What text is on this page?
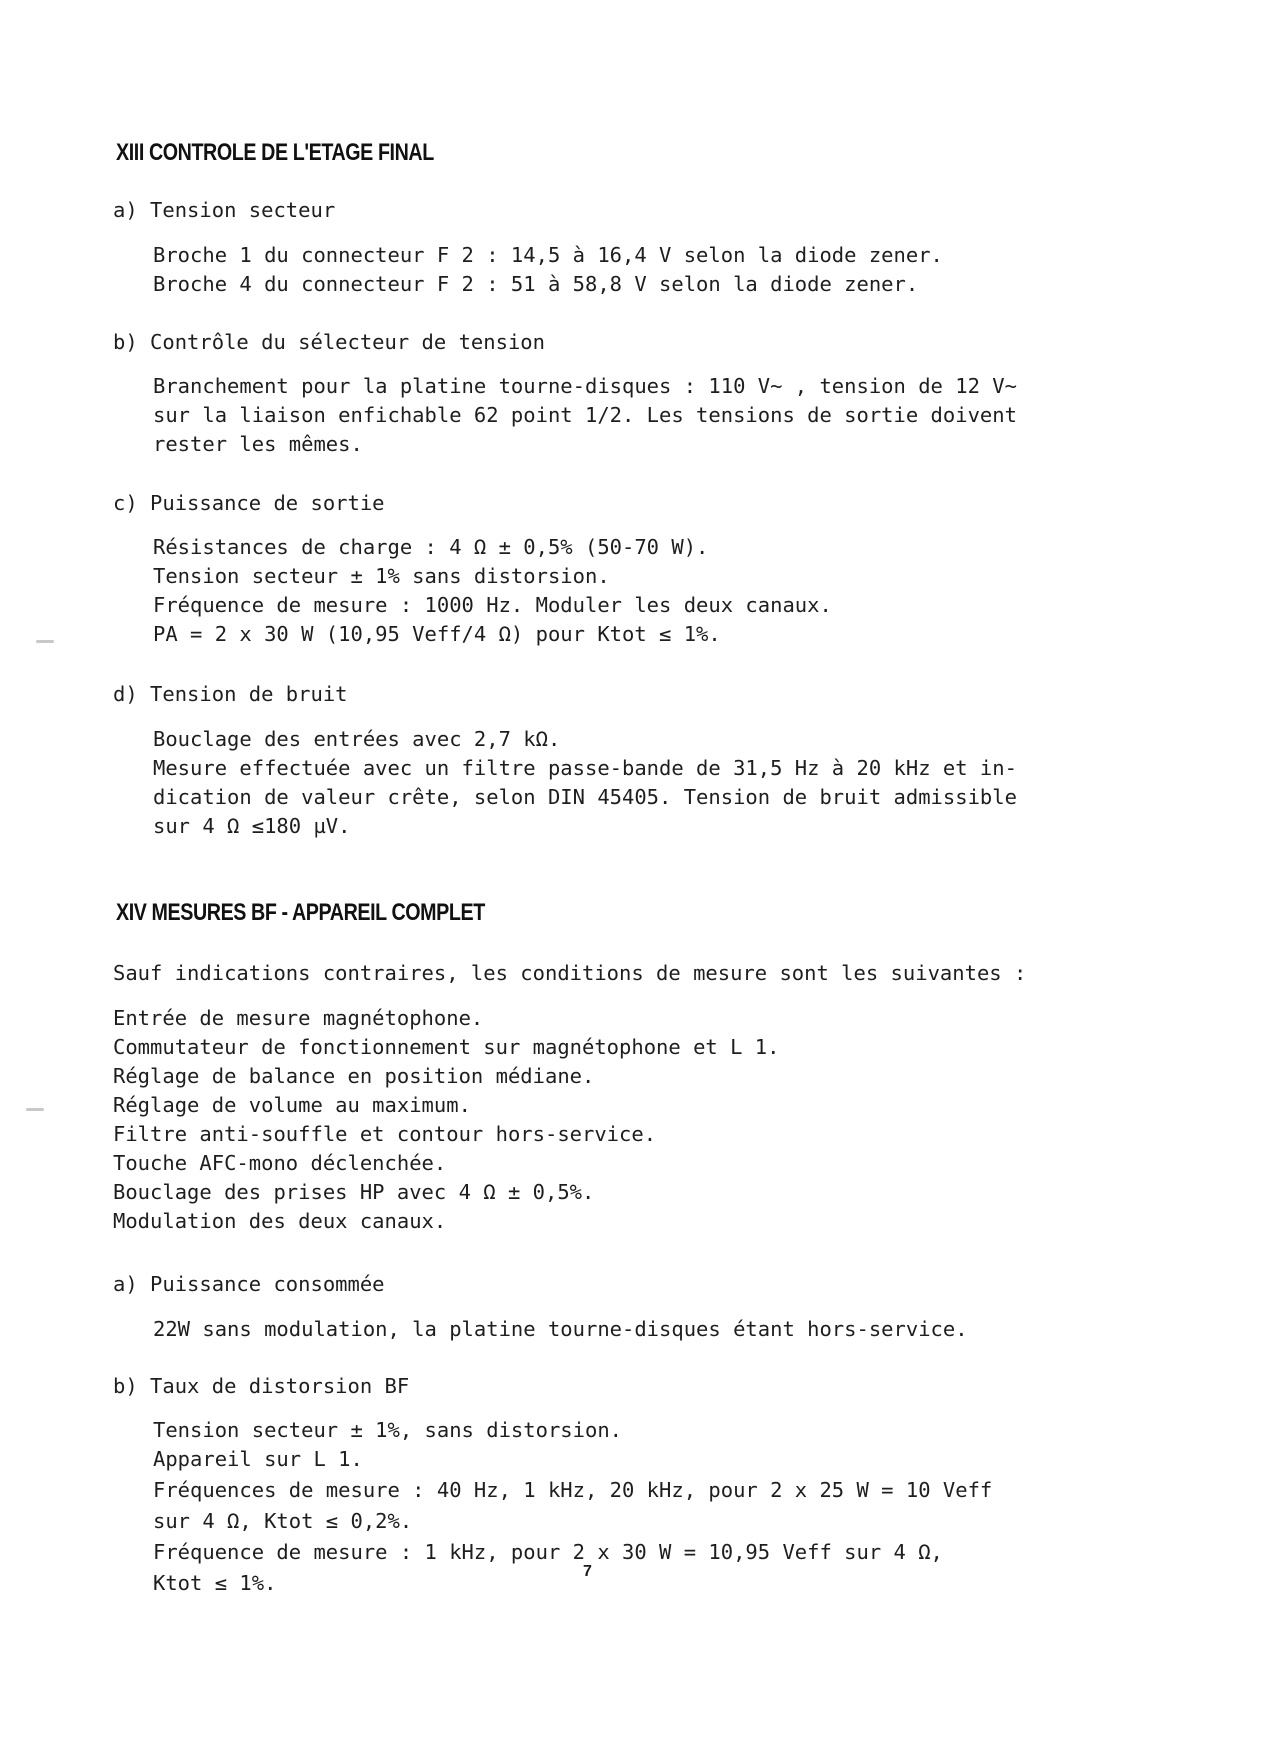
XIII CONTROLE DE L'ETAGE FINAL
a) Tension secteur
Broche 1 du connecteur F 2 : 14,5 à 16,4 V selon la diode zener.
Broche 4 du connecteur F 2 : 51 à 58,8 V selon la diode zener.
b) Contrôle du sélecteur de tension
Branchement pour la platine tourne-disques : 110 V~ , tension de 12 V~
sur la liaison enfichable 62 point 1/2. Les tensions de sortie doivent
rester les mêmes.
c) Puissance de sortie
Résistances de charge : 4 Ω ± 0,5% (50-70 W).
Tension secteur ± 1% sans distorsion.
Fréquence de mesure : 1000 Hz. Moduler les deux canaux.
PA = 2 x 30 W (10,95 Veff/4 Ω) pour Ktot ≤ 1%.
d) Tension de bruit
Bouclage des entrées avec 2,7 kΩ.
Mesure effectuée avec un filtre passe-bande de 31,5 Hz à 20 kHz et in-
dication de valeur crête, selon DIN 45405. Tension de bruit admissible
sur 4 Ω ≤180 µV.
XIV MESURES BF - APPAREIL COMPLET
Sauf indications contraires, les conditions de mesure sont les suivantes :
Entrée de mesure magnétophone.
Commutateur de fonctionnement sur magnétophone et L 1.
Réglage de balance en position médiane.
Réglage de volume au maximum.
Filtre anti-souffle et contour hors-service.
Touche AFC-mono déclenchée.
Bouclage des prises HP avec 4 Ω ± 0,5%.
Modulation des deux canaux.
a) Puissance consommée
22W sans modulation, la platine tourne-disques étant hors-service.
b) Taux de distorsion BF
Tension secteur ± 1%, sans distorsion.
Appareil sur L 1.
Fréquences de mesure : 40 Hz, 1 kHz, 20 kHz, pour 2 x 25 W = 10 Veff
sur 4 Ω, Ktot ≤ 0,2%.
Fréquence de mesure : 1 kHz, pour 2 x 30 W = 10,95 Veff sur 4 Ω,
Ktot ≤ 1%.	7
